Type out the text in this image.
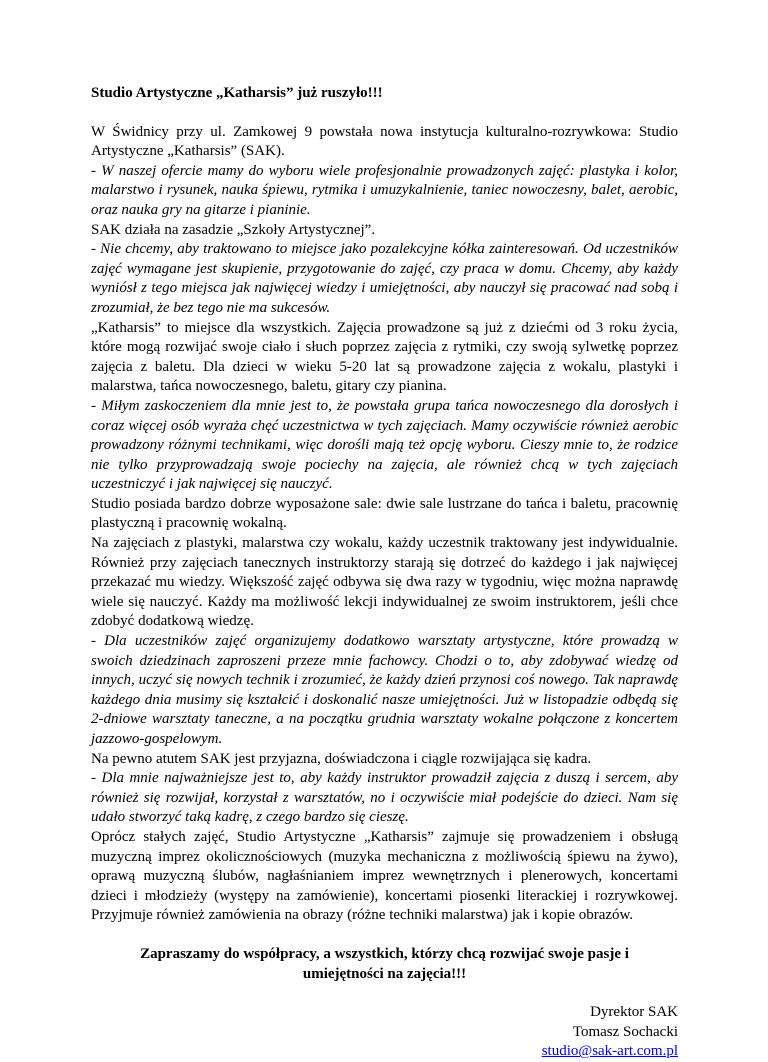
Studio Artystyczne „Katharsis” już ruszyło!!!

W Świdnicy przy ul. Zamkowej 9 powstała nowa instytucja kulturalno-rozrywkowa: Studio Artystyczne „Katharsis” (SAK).

- W naszej ofercie mamy do wyboru wiele profesjonalnie prowadzonych zajęć: plastyka i kolor, malarstwo i rysunek, nauka śpiewu, rytmika i umuzykalnienie, taniec nowoczesny, balet, aerobic, oraz nauka gry na gitarze i pianinie.

SAK działa na zasadzie „Szkoły Artystycznej”.

- Nie chcemy, aby traktowano to miejsce jako pozalekcyjne kółka zainteresowań. Od uczestników zajęć wymagane jest skupienie, przygotowanie do zajęć, czy praca w domu. Chcemy, aby każdy wyniósł z tego miejsca jak najwięcej wiedzy i umiejętności, aby nauczył się pracować nad sobą i zrozumiał, że bez tego nie ma sukcesów.

„Katharsis” to miejsce dla wszystkich. Zajęcia prowadzone są już z dziećmi od 3 roku życia, które mogą rozwijać swoje ciało i słuch poprzez zajęcia z rytmiki, czy swoją sylwetkę poprzez zajęcia z baletu. Dla dzieci w wieku 5-20 lat są prowadzone zajęcia z wokalu, plastyki i malarstwa, tańca nowoczesnego, baletu, gitary czy pianina.

- Miłym zaskoczeniem dla mnie jest to, że powstała grupa tańca nowoczesnego dla dorosłych i coraz więcej osób wyraża chęć uczestnictwa w tych zajęciach. Mamy oczywiście również aerobic prowadzony różnymi technikami, więc dorośli mają też opcję wyboru. Cieszy mnie to, że rodzice nie tylko przyprowadzają swoje pociechy na zajęcia, ale również chcą w tych zajęciach uczestniczyć i jak najwięcej się nauczyć.

Studio posiada bardzo dobrze wyposażone sale: dwie sale lustrzane do tańca i baletu, pracownię plastyczną i pracownię wokalną.

Na zajęciach z plastyki, malarstwa czy wokalu, każdy uczestnik traktowany jest indywidualnie. Również przy zajęciach tanecznych instruktorzy starają się dotrzeć do każdego i jak najwięcej przekazać mu wiedzy. Większość zajęć odbywa się dwa razy w tygodniu, więc można naprawdę wiele się nauczyć. Każdy ma możliwość lekcji indywidualnej ze swoim instruktorem, jeśli chce zdobyć dodatkową wiedzę.

- Dla uczestników zajęć organizujemy dodatkowo warsztaty artystyczne, które prowadzą w swoich dziedzinach zaproszeni przeze mnie fachowcy. Chodzi o to, aby zdobywać wiedzę od innych, uczyć się nowych technik i zrozumieć, że każdy dzień przynosi coś nowego. Tak naprawdę każdego dnia musimy się kształcić i doskonalić nasze umiejętności. Już w listopadzie odbędą się 2-dniowe warsztaty taneczne, a na początku grudnia warsztaty wokalne połączone z koncertem jazzowo-gospelowym.

Na pewno atutem SAK jest przyjazna, doświadczona i ciągle rozwijająca się kadra.

- Dla mnie najważniejsze jest to, aby każdy instruktor prowadził zajęcia z duszą i sercem, aby również się rozwijał, korzystał z warsztatów, no i oczywiście miał podejście do dzieci. Nam się udało stworzyć taką kadrę, z czego bardzo się cieszę.

Oprócz stałych zajęć, Studio Artystyczne „Katharsis” zajmuje się prowadzeniem i obsługą muzyczną imprez okolicznościowych (muzyka mechaniczna z możliwością śpiewu na żywo), oprawą muzyczną ślubów, nagłaśnianiem imprez wewnętrznych i plenerowych, koncertami dzieci i młodzieży (występy na zamówienie), koncertami piosenki literackiej i rozrywkowej. Przyjmuje również zamówienia na obrazy (różne techniki malarstwa) jak i kopie obrazów.

Zapraszamy do współpracy, a wszystkich, którzy chcą rozwijać swoje pasje i umiejętności na zajęcia!!!
Dyrektor SAK
Tomasz Sochacki
studio@sak-art.com.pl
